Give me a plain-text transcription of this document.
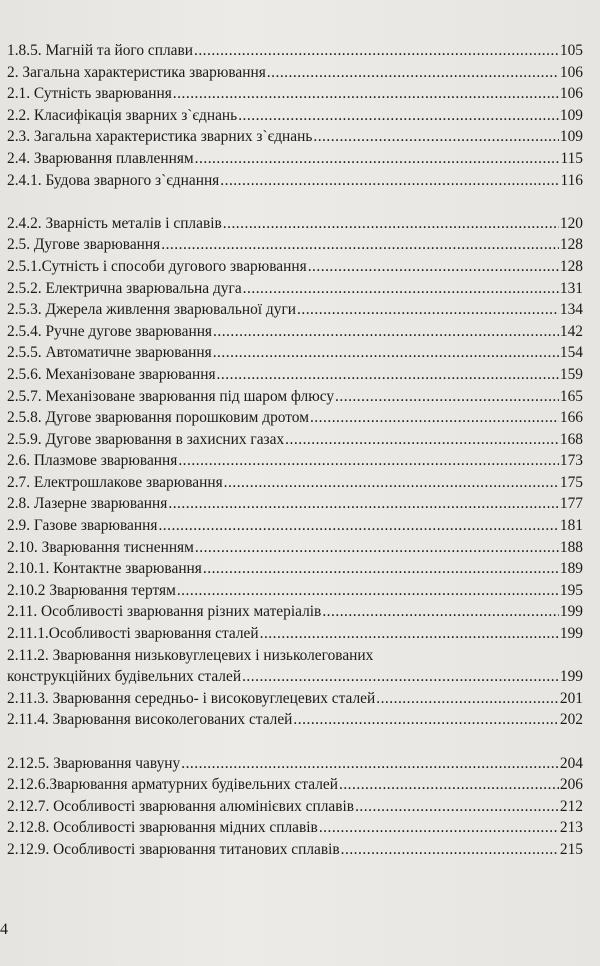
1.8.5. Магній та його сплави .....	105
2. Загальна характеристика зварювання .....	106
2.1. Сутність зварювання .....	106
2.2. Класифікація зварних з`єднань .....	109
2.3. Загальна характеристика зварних з`єднань .....	109
2.4. Зварювання плавленням .....	115
2.4.1. Будова зварного з`єднання .....	116
2.4.2. Зварність металів і сплавів .....	120
2.5. Дугове зварювання .....	128
2.5.1.Сутність і способи дугового зварювання .....	128
2.5.2. Електрична зварювальна дуга .....	131
2.5.3. Джерела живлення зварювальної дуги .....	134
2.5.4. Ручне дугове зварювання .....	142
2.5.5. Автоматичне зварювання .....	154
2.5.6. Механізоване зварювання .....	159
2.5.7. Механізоване зварювання під шаром флюсу .....	165
2.5.8. Дугове зварювання порошковим дротом .....	166
2.5.9. Дугове зварювання в захисних газах .....	168
2.6. Плазмове зварювання .....	173
2.7. Електрошлакове зварювання .....	175
2.8. Лазерне зварювання .....	177
2.9. Газове зварювання .....	181
2.10. Зварювання тисненням .....	188
2.10.1. Контактне зварювання .....	189
2.10.2 Зварювання тертям .....	195
2.11. Особливості зварювання різних матеріалів .....	199
2.11.1.Особливості зварювання сталей .....	199
2.11.2. Зварювання низьковуглецевих і низьколегованих
конструкційних будівельних сталей .....	199
2.11.3. Зварювання середньо- і високовуглецевих сталей .....	201
2.11.4. Зварювання високолегованих сталей .....	202
2.12.5. Зварювання чавуну .....	204
2.12.6.Зварювання арматурних будівельних сталей .....	206
2.12.7. Особливості зварювання алюмінієвих сплавів .....	212
2.12.8. Особливості зварювання мідних сплавів .....	213
2.12.9. Особливості зварювання титанових сплавів .....	215
4
